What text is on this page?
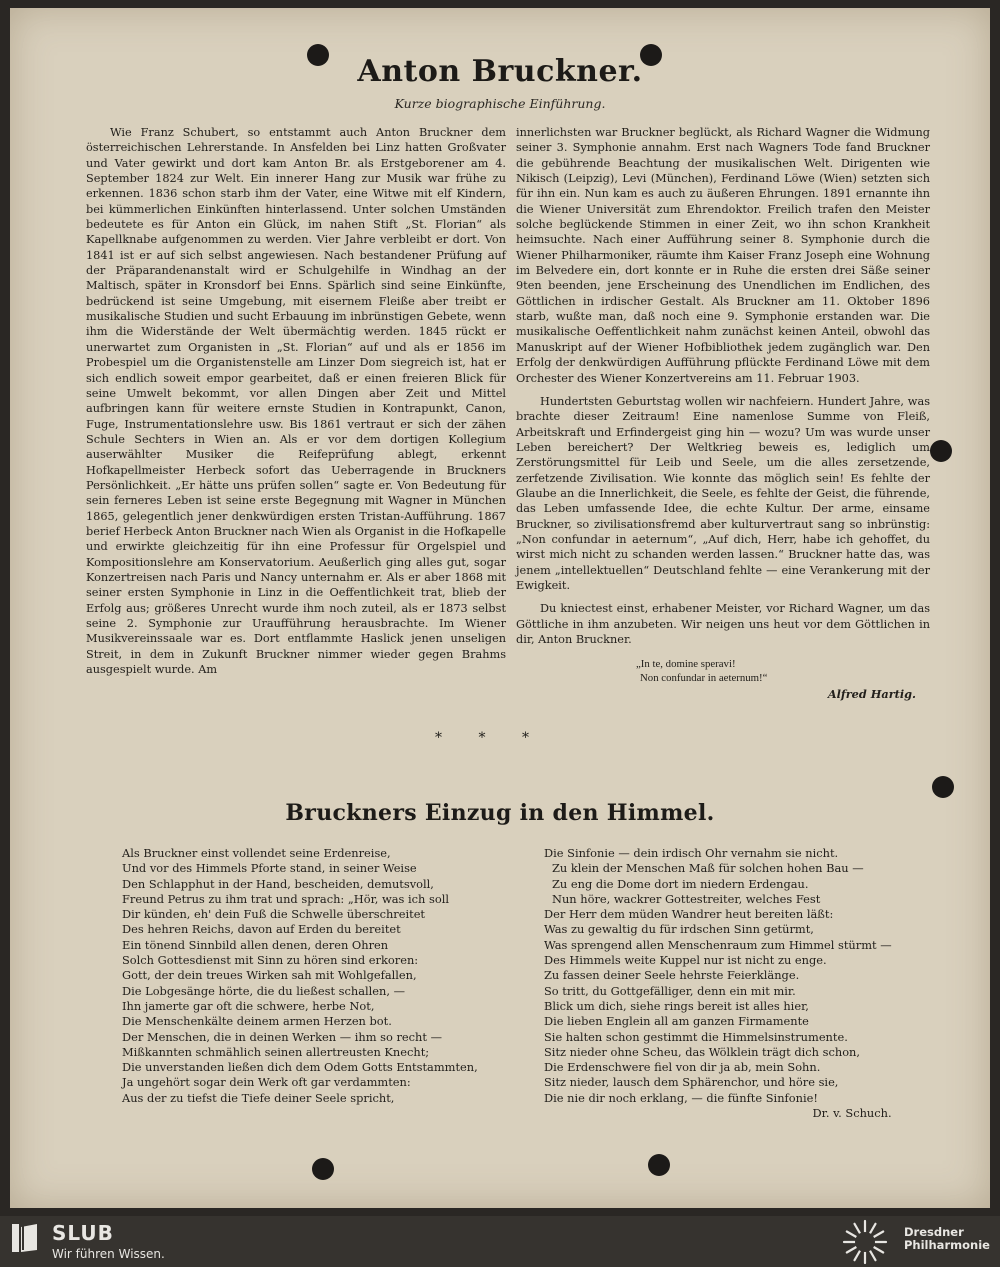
Anton Bruckner.
Kurze biographische Einführung.

Wie Franz Schubert, so entstammt auch Anton Bruckner dem österreichischen Lehrerstande. In Ansfelden bei Linz hatten Großvater und Vater gewirkt und dort kam Anton Br. als Erstgeborener am 4. September 1824 zur Welt. Ein innerer Hang zur Musik war frühe zu erkennen. 1836 schon starb ihm der Vater, eine Witwe mit elf Kindern, bei kümmerlichen Einkünften hinterlassend. Unter solchen Umständen bedeutete es für Anton ein Glück, im nahen Stift „St. Florian“ als Kapellknabe aufgenommen zu werden. Vier Jahre verbleibt er dort. Von 1841 ist er auf sich selbst angewiesen. Nach bestandener Prüfung auf der Präparandenanstalt wird er Schulgehilfe in Windhag an der Maltisch, später in Kronsdorf bei Enns. Spärlich sind seine Einkünfte, bedrückend ist seine Umgebung, mit eisernem Fleiße aber treibt er musikalische Studien und sucht Erbauung im inbrünstigen Gebete, wenn ihm die Widerstände der Welt übermächtig werden. 1845 rückt er unerwartet zum Organisten in „St. Florian“ auf und als er 1856 im Probespiel um die Organistenstelle am Linzer Dom siegreich ist, hat er sich endlich soweit empor gearbeitet, daß er einen freieren Blick für seine Umwelt bekommt, vor allen Dingen aber Zeit und Mittel aufbringen kann für weitere ernste Studien in Kontrapunkt, Canon, Fuge, Instrumentationslehre usw. Bis 1861 vertraut er sich der zähen Schule Sechters in Wien an. Als er vor dem dortigen Kollegium auserwählter Musiker die Reifeprüfung ablegt, erkennt Hofkapellmeister Herbeck sofort das Ueberragende in Bruckners Persönlichkeit. „Er hätte uns prüfen sollen“ sagte er. Von Bedeutung für sein ferneres Leben ist seine erste Begegnung mit Wagner in München 1865, gelegentlich jener denkwürdigen ersten Tristan-Aufführung. 1867 berief Herbeck Anton Bruckner nach Wien als Organist in die Hofkapelle und erwirkte gleichzeitig für ihn eine Professur für Orgelspiel und Kompositionslehre am Konservatorium. Aeußerlich ging alles gut, sogar Konzertreisen nach Paris und Nancy unternahm er. Als er aber 1868 mit seiner ersten Symphonie in Linz in die Oeffentlichkeit trat, blieb der Erfolg aus; größeres Unrecht wurde ihm noch zuteil, als er 1873 selbst seine 2. Symphonie zur Uraufführung herausbrachte. Im Wiener Musikvereinssaale war es. Dort entflammte Haslick jenen unseligen Streit, in dem in Zukunft Bruckner nimmer wieder gegen Brahms ausgespielt wurde. Am

innerlichsten war Bruckner beglückt, als Richard Wagner die Widmung seiner 3. Symphonie annahm. Erst nach Wagners Tode fand Bruckner die gebührende Beachtung der musikalischen Welt. Dirigenten wie Nikisch (Leipzig), Levi (München), Ferdinand Löwe (Wien) setzten sich für ihn ein. Nun kam es auch zu äußeren Ehrungen. 1891 ernannte ihn die Wiener Universität zum Ehrendoktor. Freilich trafen den Meister solche beglückende Stimmen in einer Zeit, wo ihn schon Krankheit heimsuchte. Nach einer Aufführung seiner 8. Symphonie durch die Wiener Philharmoniker, räumte ihm Kaiser Franz Joseph eine Wohnung im Belvedere ein, dort konnte er in Ruhe die ersten drei Säße seiner 9ten beenden, jene Erscheinung des Unendlichen im Endlichen, des Göttlichen in irdischer Gestalt. Als Bruckner am 11. Oktober 1896 starb, wußte man, daß noch eine 9. Symphonie erstanden war. Die musikalische Oeffentlichkeit nahm zunächst keinen Anteil, obwohl das Manuskript auf der Wiener Hofbibliothek jedem zugänglich war. Den Erfolg der denkwürdigen Aufführung pflückte Ferdinand Löwe mit dem Orchester des Wiener Konzertvereins am 11. Februar 1903.

Hundertsten Geburtstag wollen wir nachfeiern. Hundert Jahre, was brachte dieser Zeitraum! Eine namenlose Summe von Fleiß, Arbeitskraft und Erfindergeist ging hin — wozu? Um was wurde unser Leben bereichert? Der Weltkrieg beweis es, lediglich um Zerstörungsmittel für Leib und Seele, um die alles zersetzende, zerfetzende Zivilisation. Wie konnte das möglich sein! Es fehlte der Glaube an die Innerlichkeit, die Seele, es fehlte der Geist, die führende, das Leben umfassende Idee, die echte Kultur. Der arme, einsame Bruckner, so zivilisationsfremd aber kulturvertraut sang so inbrünstig: „Non confundar in aeternum“, „Auf dich, Herr, habe ich gehoffet, du wirst mich nicht zu schanden werden lassen.“ Bruckner hatte das, was jenem „intellektuellen“ Deutschland fehlte — eine Verankerung mit der Ewigkeit.

Du kniectest einst, erhabener Meister, vor Richard Wagner, um das Göttliche in ihm anzubeten. Wir neigen uns heut vor dem Göttlichen in dir, Anton Bruckner.

„In te, domine speravi!
Non confundar in aeternum!“
Alfred Hartig.
* * *
Bruckners Einzug in den Himmel.
Als Bruckner einst vollendet seine Erdenreise,
Und vor des Himmels Pforte stand, in seiner Weise
Den Schlapphut in der Hand, bescheiden, demutsvoll,
Freund Petrus zu ihm trat und sprach: „Hör, was ich soll
Dir künden, eh' dein Fuß die Schwelle überschreitet
Des hehren Reichs, davon auf Erden du bereitet
Ein tönend Sinnbild allen denen, deren Ohren
Solch Gottesdienst mit Sinn zu hören sind erkoren:
Gott, der dein treues Wirken sah mit Wohlgefallen,
Die Lobgesänge hörte, die du ließest schallen, —
Ihn jamerte gar oft die schwere, herbe Not,
Die Menschenkälte deinem armen Herzen bot.
Der Menschen, die in deinen Werken — ihm so recht —
Mißkannten schmählich seinen allertreusten Knecht;
Die unverstanden ließen dich dem Odem Gotts Entstammten,
Ja ungehört sogar dein Werk oft gar verdammten:
Aus der zu tiefst die Tiefe deiner Seele spricht,
Die Sinfonie — dein irdisch Ohr vernahm sie nicht.
Zu klein der Menschen Maß für solchen hohen Bau —
Zu eng die Dome dort im niedern Erdengau.
Nun höre, wackrer Gottestreiter, welches Fest
Der Herr dem müden Wandrer heut bereiten läßt:
Was zu gewaltig du für irdschen Sinn getürmt,
Was sprengend allen Menschenraum zum Himmel stürmt —
Des Himmels weite Kuppel nur ist nicht zu enge.
Zu fassen deiner Seele hehrste Feierklänge.
So tritt, du Gottgefälliger, denn ein mit mir.
Blick um dich, siehe rings bereit ist alles hier,
Die lieben Englein all am ganzen Firmamente
Sie halten schon gestimmt die Himmelsinstrumente.
Sitz nieder ohne Scheu, das Wölklein trägt dich schon,
Die Erdenschwere fiel von dir ja ab, mein Sohn.
Sitz nieder, lausch dem Sphärenchor, und höre sie,
Die nie dir noch erklang, — die fünfte Sinfonie!
Dr. v. Schuch.
SLUB
Wir führen Wissen.
Dresdner
Philharmonie
